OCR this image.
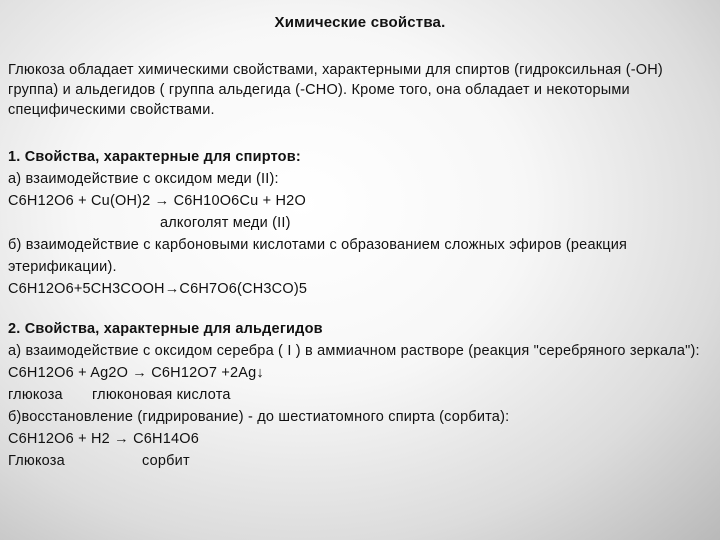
Химические свойства.
Глюкоза обладает химическими свойствами, характерными для спиртов (гидроксильная (-ОН) группа) и альдегидов ( группа альдегида (-СНО). Кроме того, она обладает и некоторыми специфическими свойствами.
1. Свойства, характерные для спиртов:
а) взаимодействие с оксидом меди (II):
C6H12O6 + Cu(OH)2 → C6H10O6Cu + H2O
алкоголят меди (II)
б) взаимодействие с карбоновыми кислотами с образованием сложных эфиров (реакция этерификации).
C6H12O6+5CH3COOH→C6H7O6(CH3CO)5
2. Свойства, характерные для альдегидов
а) взаимодействие с оксидом серебра ( I ) в аммиачном растворе (реакция "серебряного зеркала"):
C6H12O6 + Ag2O → C6H12O7 +2Ag↓
глюкоза глюконовая кислота
б)восстановление (гидрирование) - до шестиатомного спирта (сорбита):
C6H12O6 + H2 → C6H14O6
Глюкоза	сорбит
